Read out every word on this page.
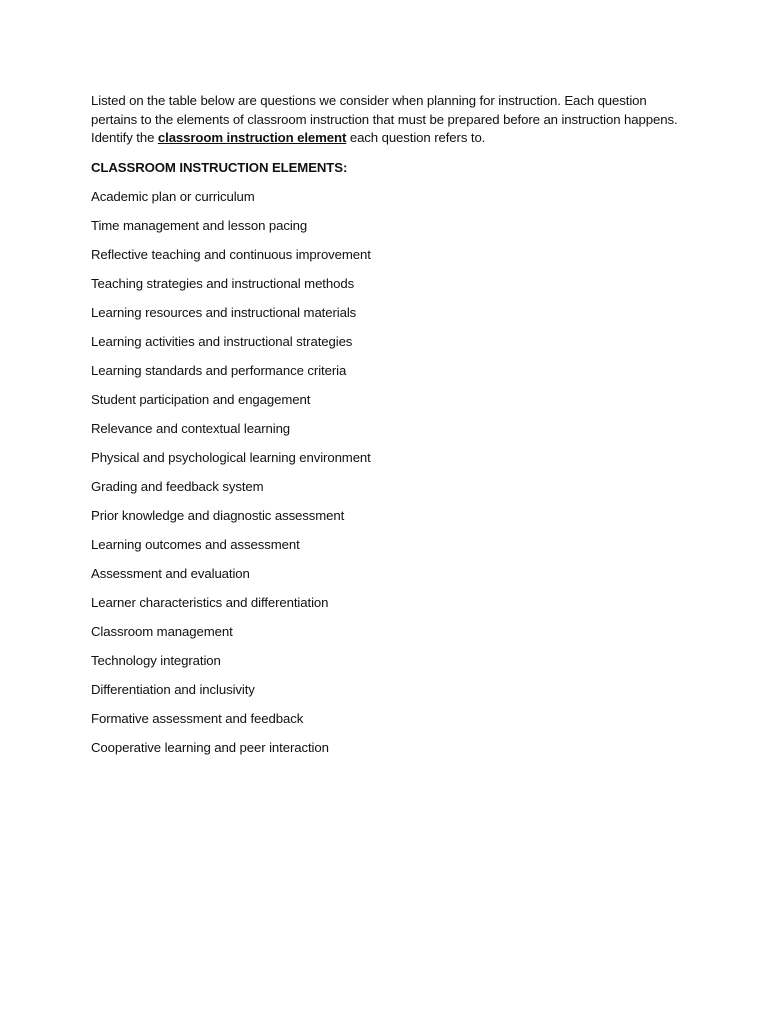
Listed on the table below are questions we consider when planning for instruction. Each question
pertains to the elements of classroom instruction that must be prepared before an instruction happens.
Identify the classroom instruction element each question refers to.

CLASSROOM INSTRUCTION ELEMENTS:

Academic plan or curriculum
Time management and lesson pacing
Reflective teaching and continuous improvement
Teaching strategies and instructional methods
Learning resources and instructional materials
Learning activities and instructional strategies
Learning standards and performance criteria
Student participation and engagement
Relevance and contextual learning
Physical and psychological learning environment
Grading and feedback system
Prior knowledge and diagnostic assessment
Learning outcomes and assessment
Assessment and evaluation
Learner characteristics and differentiation
Classroom management
Technology integration
Differentiation and inclusivity
Formative assessment and feedback
Cooperative learning and peer interaction
